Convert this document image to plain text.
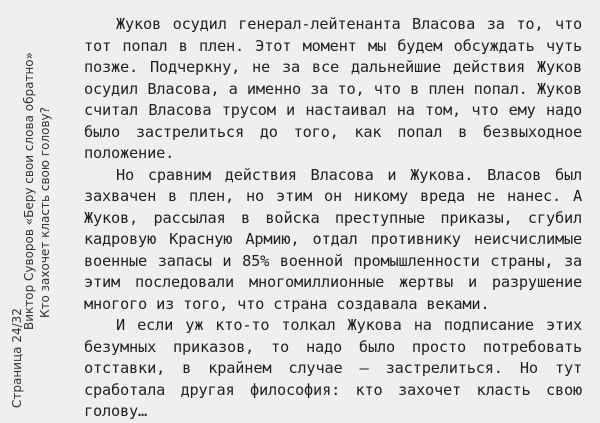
Страница 24/32
Виктор Суворов «Беру свои слова обратно» Кто захочет класть свою голову?

Жуков осудил генерал-лейтенанта Власова за то, что тот попал в плен. Этот момент мы будем обсуждать чуть позже. Подчеркну, не за все дальнейшие действия Жуков осудил Власова, а именно за то, что в плен попал. Жуков считал Власова трусом и настаивал на том, что ему надо было застрелиться до того, как попал в безвыходное положение.

Но сравним действия Власова и Жукова. Власов был захвачен в плен, но этим он никому вреда не нанес. А Жуков, рассылая в войска преступные приказы, сгубил кадровую Красную Армию, отдал противнику неисчислимые военные запасы и 85% военной промышленности страны, за этим последовали многомиллионные жертвы и разрушение многого из того, что страна создавала веками.

И если уж кто-то толкал Жукова на подписание этих безумных приказов, то надо было просто потребовать отставки, в крайнем случае – застрелиться. Но тут сработала другая философия: кто захочет класть свою голову…
